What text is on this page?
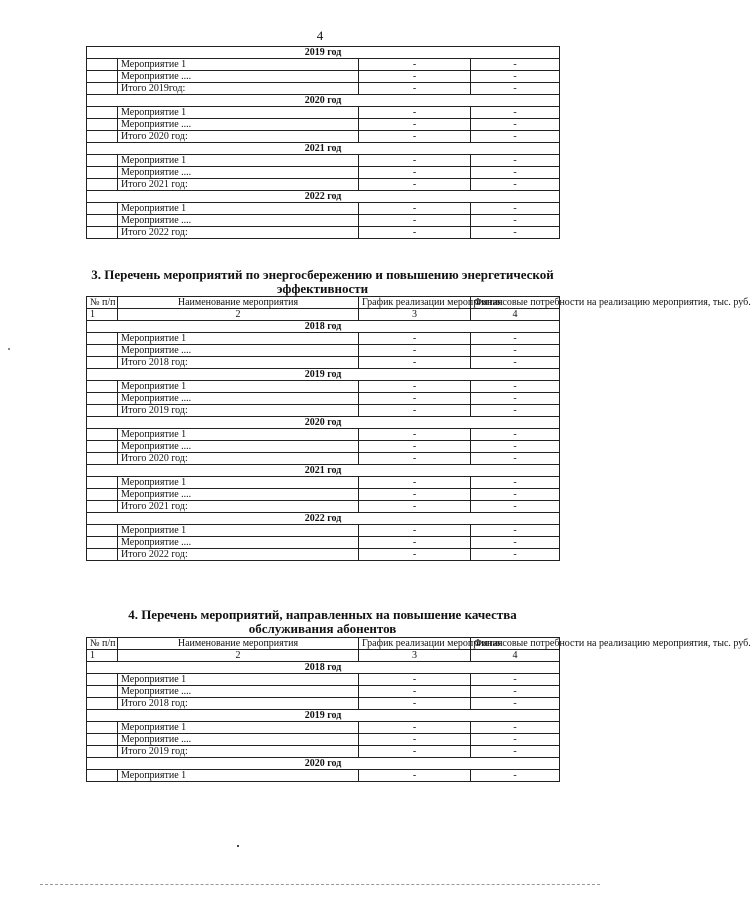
4
2019 год			
	Мероприятие 1	-	-
	Мероприятие ....	-	-
	Итого 2019год:	-	-
2020 год			
	Мероприятие 1	-	-
	Мероприятие ....	-	-
	Итого 2020 год:	-	-
2021 год			
	Мероприятие 1	-	-
	Мероприятие ....	-	-
	Итого 2021 год:	-	-
2022 год			
	Мероприятие 1	-	-
	Мероприятие ....	-	-
	Итого 2022 год:	-	-
3. Перечень мероприятий по энергосбережению и повышению энергетической эффективности
№ п/п	Наименование мероприятия	График реализации мероприятия	Финансовые потребности на реализацию мероприятия, тыс. руб.
1	2	3	4
2018 год			
	Мероприятие 1	-	-
	Мероприятие ....	-	-
	Итого 2018 год:	-	-
2019 год			
	Мероприятие 1	-	-
	Мероприятие ....	-	-
	Итого 2019 год:	-	-
2020 год			
	Мероприятие 1	-	-
	Мероприятие ....	-	-
	Итого 2020 год:	-	-
2021 год			
	Мероприятие 1	-	-
	Мероприятие ....	-	-
	Итого 2021 год:	-	-
2022 год			
	Мероприятие 1	-	-
	Мероприятие ....	-	-
	Итого 2022 год:	-	-
4. Перечень мероприятий, направленных на повышение качества обслуживания абонентов
№ п/п	Наименование мероприятия	График реализации мероприятия	Финансовые потребности на реализацию мероприятия, тыс. руб.
1	2	3	4
2018 год			
	Мероприятие 1	-	-
	Мероприятие ....	-	-
	Итого 2018 год:	-	-
2019 год			
	Мероприятие 1	-	-
	Мероприятие ....	-	-
	Итого 2019 год:	-	-
2020 год			
	Мероприятие 1	-	-
